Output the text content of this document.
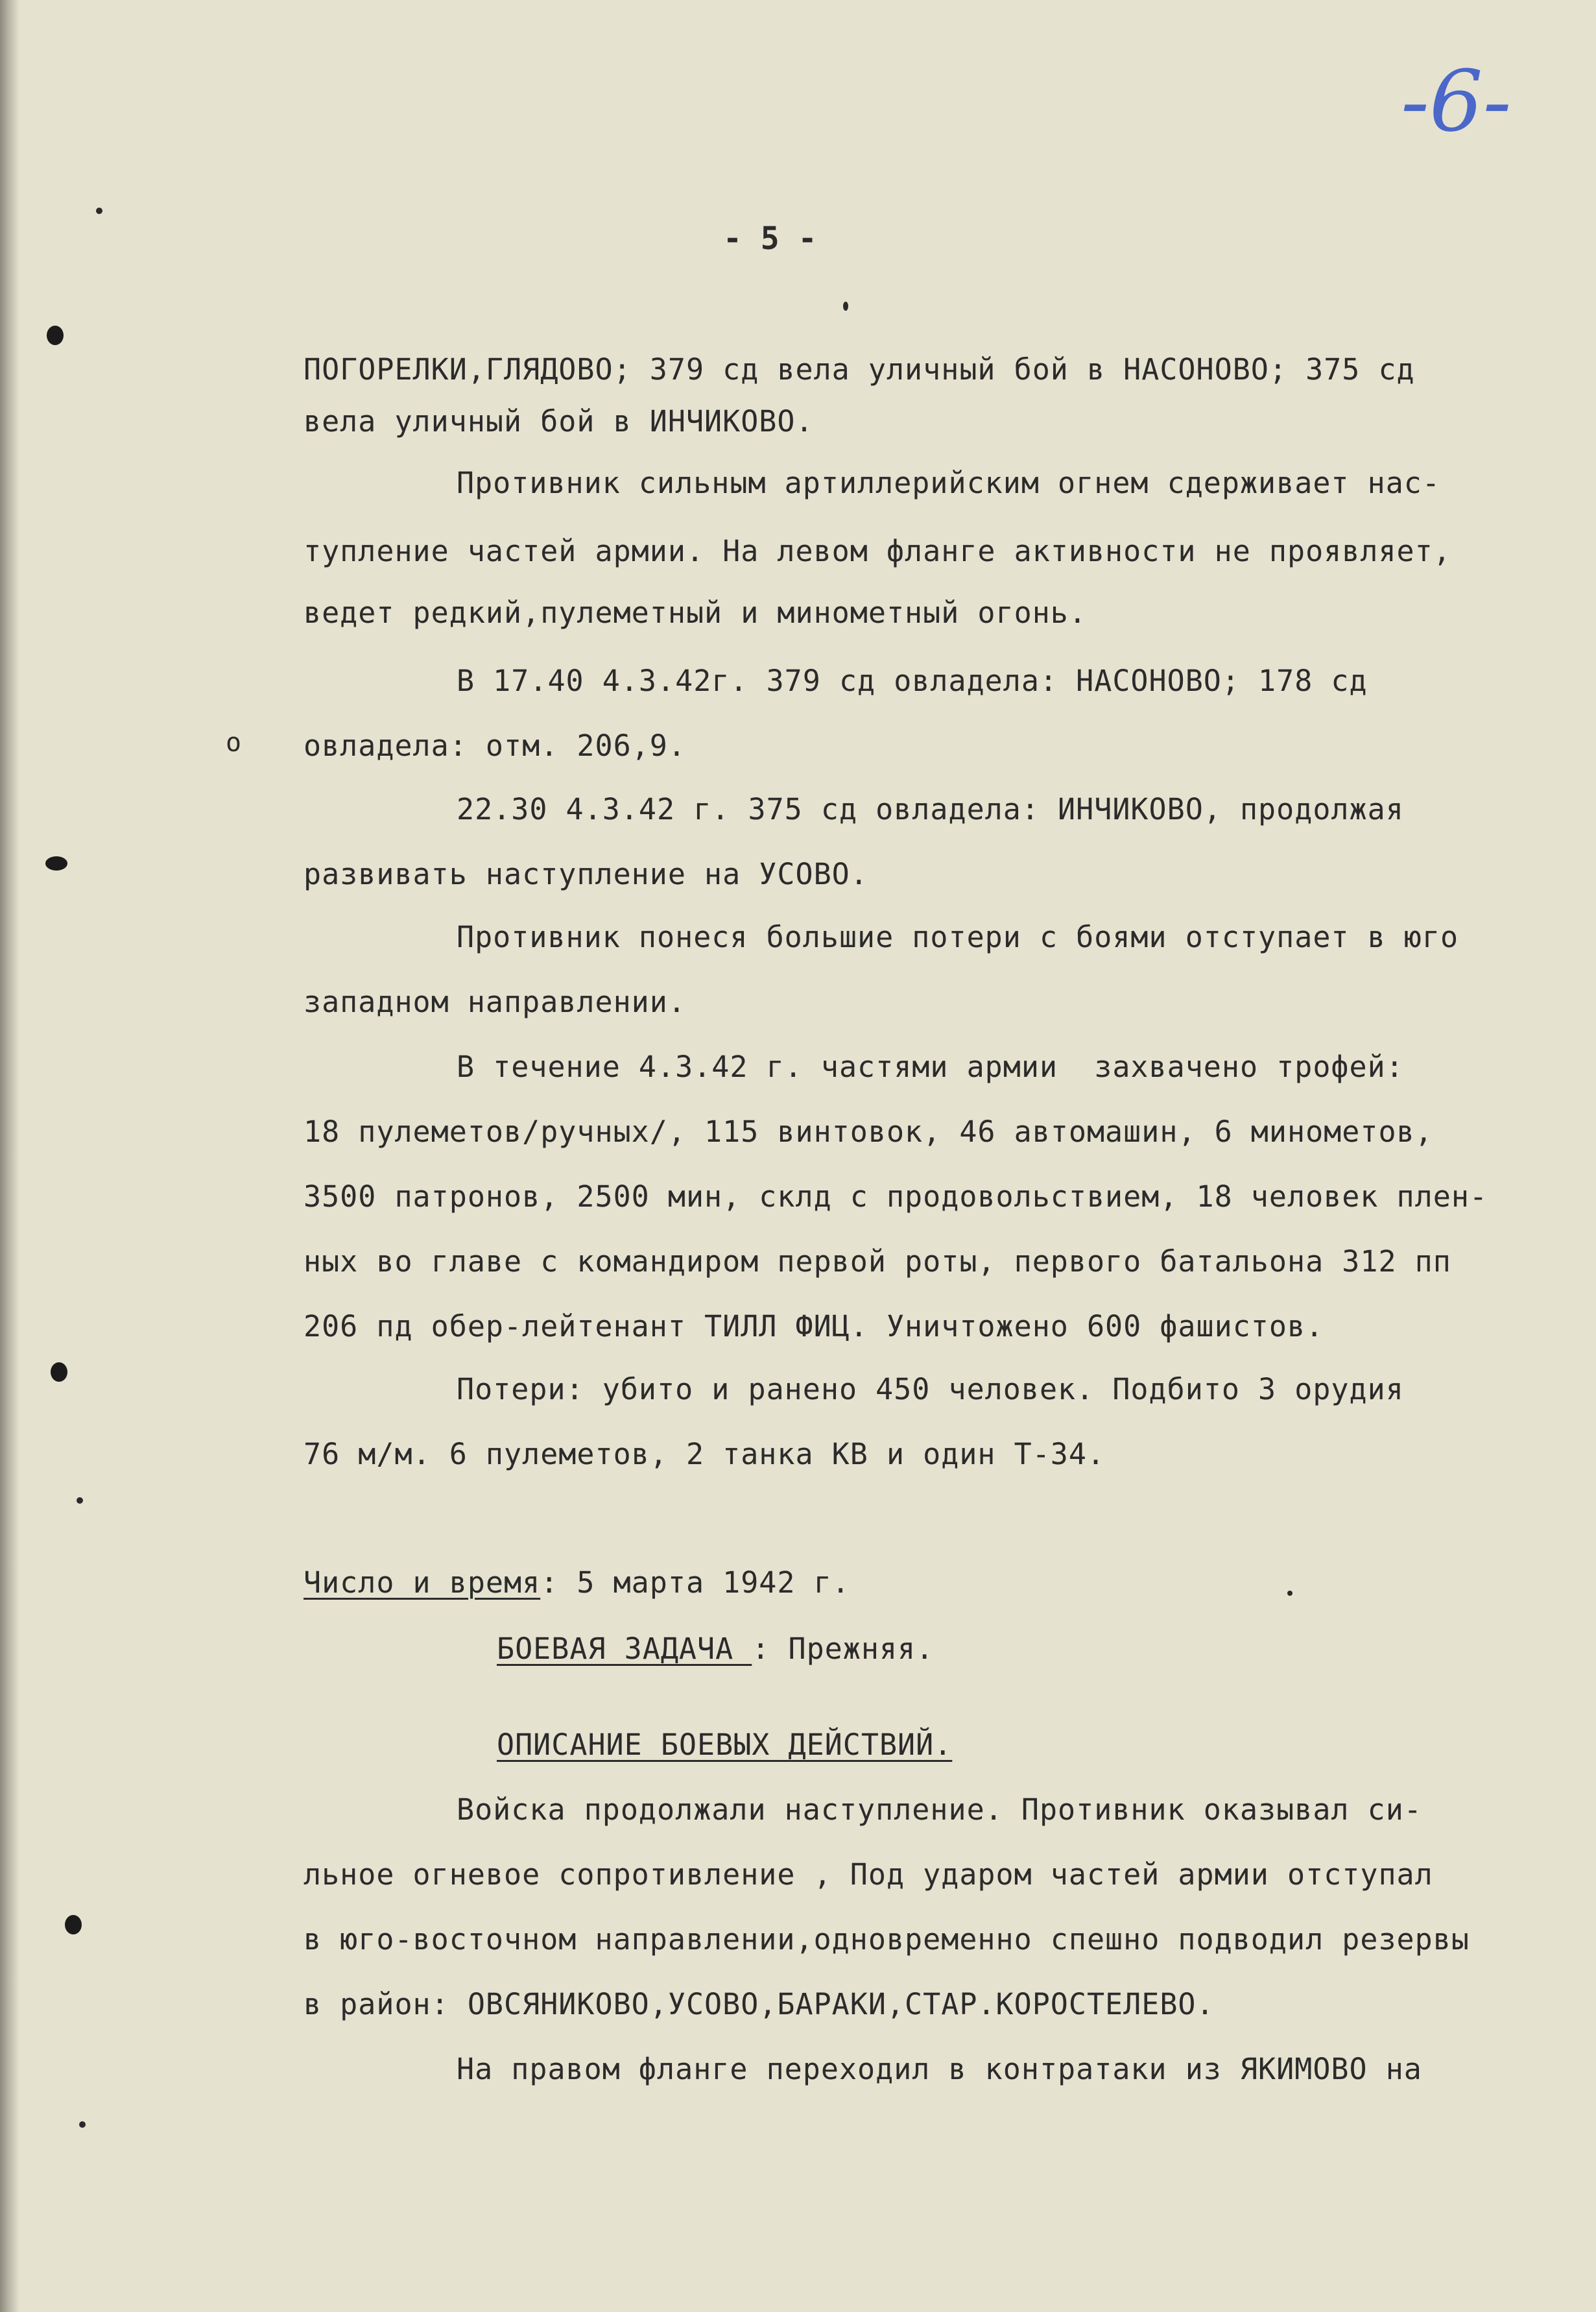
-6-
- 5 -
o

ПОГОРЕЛКИ,ГЛЯДОВО; 379 сд вела уличный бой в НАСОНОВО; 375 сд

вела уличный бой в ИНЧИКОВО.

Противник сильным артиллерийским огнем сдерживает нас-

тупление частей армии. На левом фланге активности не проявляет,

ведет редкий,пулеметный и минометный огонь.

В 17.40 4.3.42г. 379 сд овладела: НАСОНОВО; 178 сд

овладела: отм. 206,9.

22.30 4.3.42 г. 375 сд овладела: ИНЧИКОВО, продолжая

развивать наступление на УСОВО.

Противник понеся большие потери с боями отступает в юго

западном направлении.

В течение 4.3.42 г. частями армии  захвачено трофей:

18 пулеметов/ручных/, 115 винтовок, 46 автомашин, 6 минометов,

3500 патронов, 2500 мин, склд с продовольствием, 18 человек плен-

ных во главе с командиром первой роты, первого батальона 312 пп

206 пд обер-лейтенант ТИЛЛ ФИЦ. Уничтожено 600 фашистов.

Потери: убито и ранено 450 человек. Подбито 3 орудия

76 м/м. 6 пулеметов, 2 танка КВ и один Т-34.

Число и время: 5 марта 1942 г.

БОЕВАЯ ЗАДАЧА : Прежняя.

ОПИСАНИЕ БОЕВЫХ ДЕЙСТВИЙ.

Войска продолжали наступление. Противник оказывал си-

льное огневое сопротивление , Под ударом частей армии отступал

в юго-восточном направлении,одновременно спешно подводил резервы

в район: ОВСЯНИКОВО,УСОВО,БАРАКИ,СТАР.КОРОСТЕЛЕВО.

На правом фланге переходил в контратаки из ЯКИМОВО на
